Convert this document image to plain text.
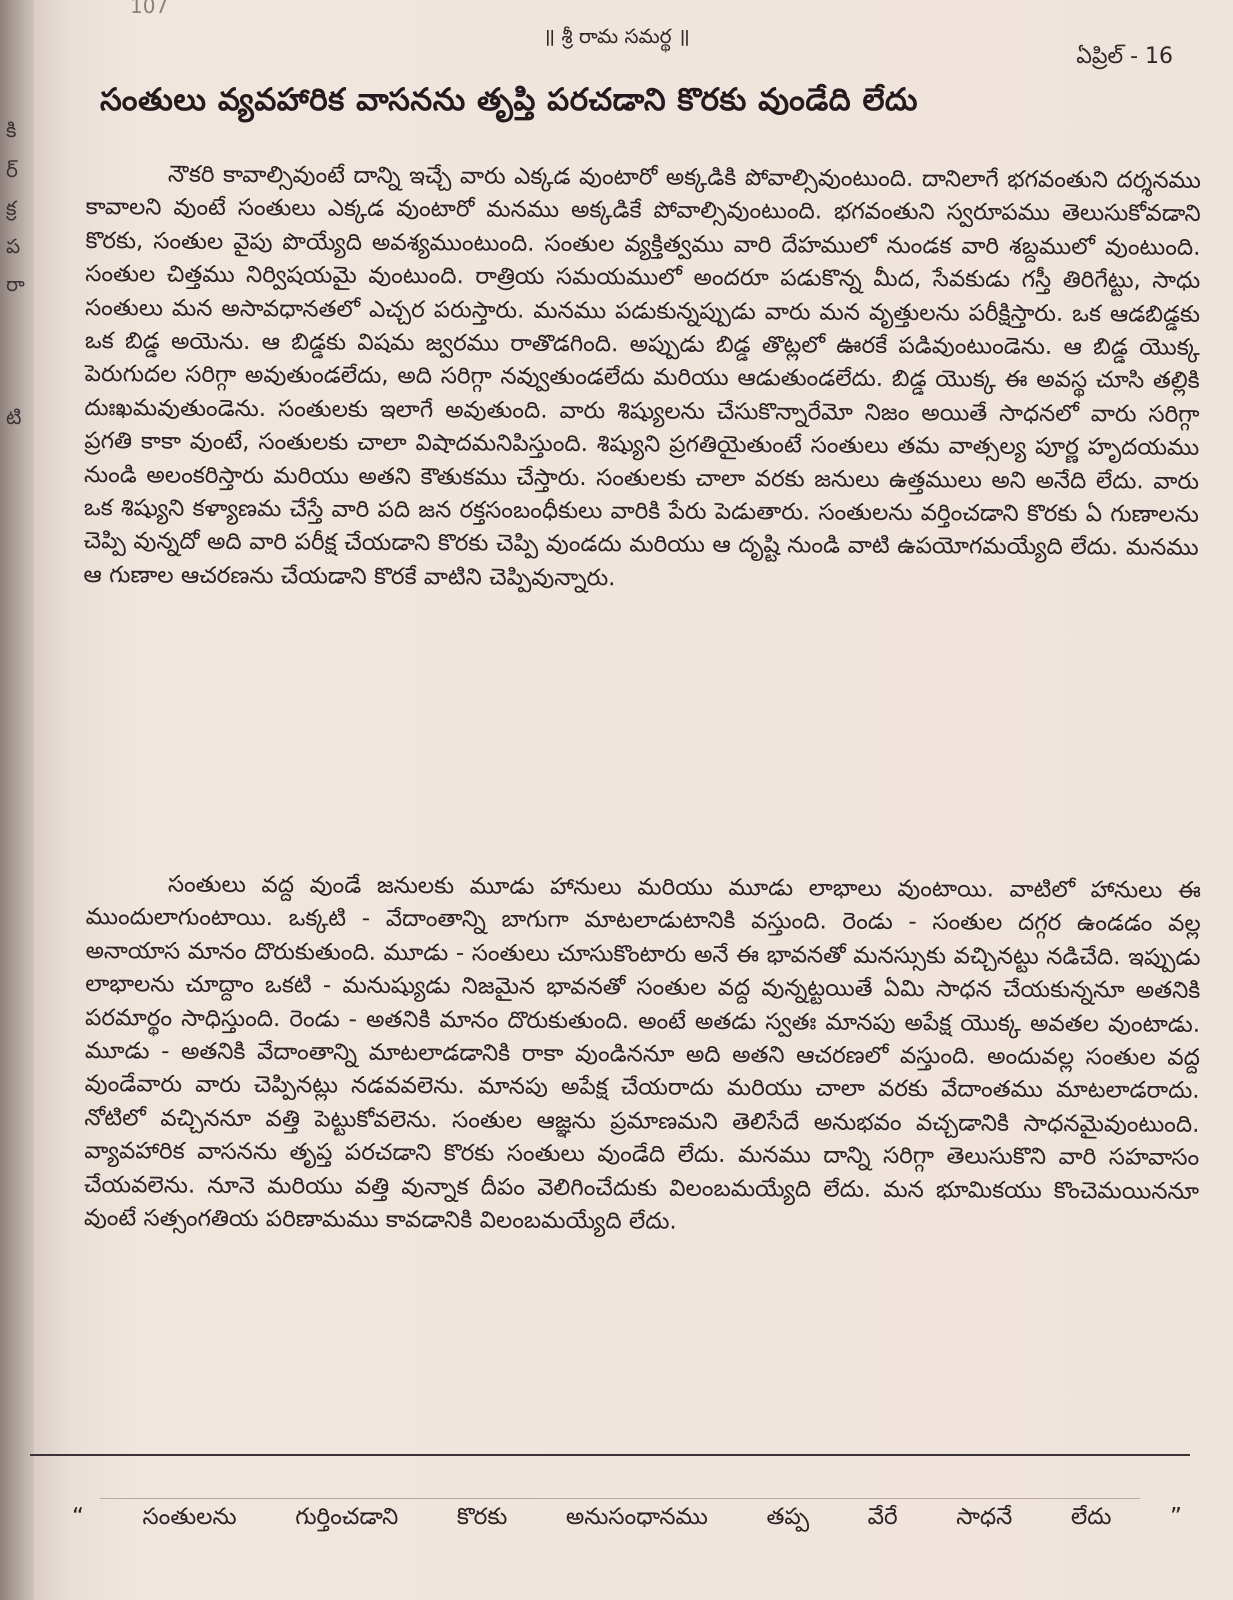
కి
ర్
క్ర
ప
రా
టి
107
॥ శ్రీ రామ సమర్థ ॥
ఏప్రిల్ - 16
సంతులు వ్యవహారిక వాసనను తృప్తి పరచడాని కొరకు వుండేది లేదు
నౌకరి కావాల్సివుంటే దాన్ని ఇచ్చే వారు ఎక్కడ వుంటారో అక్కడికి పోవాల్సివుంటుంది. దానిలాగే భగవంతుని దర్శనము కావాలని వుంటే సంతులు ఎక్కడ వుంటారో మనము అక్కడికే పోవాల్సివుంటుంది. భగవంతుని స్వరూపము తెలుసుకోవడాని కొరకు, సంతుల వైపు పొయ్యేది అవశ్యముంటుంది. సంతుల వ్యక్తిత్వము వారి దేహములో నుండక వారి శబ్దములో వుంటుంది. సంతుల చిత్తము నిర్విషయమై వుంటుంది. రాత్రియ సమయములో అందరూ పడుకొన్న మీద, సేవకుడు గస్తీ తిరిగేట్టు, సాధు సంతులు మన అసావధానతలో ఎచ్చర పరుస్తారు. మనము పడుకున్నప్పుడు వారు మన వృత్తులను పరీక్షిస్తారు. ఒక ఆడబిడ్డకు ఒక బిడ్డ అయెను. ఆ బిడ్డకు విషమ జ్వరము రాతొడగింది. అప్పుడు బిడ్డ తొట్లలో ఊరకే పడివుంటుండెను. ఆ బిడ్డ యొక్క పెరుగుదల సరిగ్గా అవుతుండలేదు, అది సరిగ్గా నవ్వుతుండలేదు మరియు ఆడుతుండలేదు. బిడ్డ యొక్క ఈ అవస్థ చూసి తల్లికి దుఃఖమవుతుండెను. సంతులకు ఇలాగే అవుతుంది. వారు శిష్యులను చేసుకొన్నారేమో నిజం అయితే సాధనలో వారు సరిగ్గా ప్రగతి కాకా వుంటే, సంతులకు చాలా విషాదమనిపిస్తుంది. శిష్యుని ప్రగతియైతుంటే సంతులు తమ వాత్సల్య పూర్ణ హృదయము నుండి అలంకరిస్తారు మరియు అతని కౌతుకము చేస్తారు. సంతులకు చాలా వరకు జనులు ఉత్తములు అని అనేది లేదు. వారు ఒక శిష్యుని కళ్యాణమ చేస్తే వారి పది జన రక్తసంబంధీకులు వారికి పేరు పెడుతారు. సంతులను వర్తించడాని కొరకు ఏ గుణాలను చెప్పి వున్నదో అది వారి పరీక్ష చేయడాని కొరకు చెప్పి వుండదు మరియు ఆ దృష్టి నుండి వాటి ఉపయోగమయ్యేది లేదు. మనము ఆ గుణాల ఆచరణను చేయడాని కొరకే వాటిని చెప్పివున్నారు.
సంతులు వద్ద వుండే జనులకు మూడు హానులు మరియు మూడు లాభాలు వుంటాయి. వాటిలో హానులు ఈ ముందులాగుంటాయి. ఒక్కటి - వేదాంతాన్ని బాగుగా మాటలాడుటానికి వస్తుంది. రెండు - సంతుల దగ్గర ఉండడం వల్ల అనాయాస మానం దొరుకుతుంది. మూడు - సంతులు చూసుకొంటారు అనే ఈ భావనతో మనస్సుకు వచ్చినట్టు నడిచేది. ఇప్పుడు లాభాలను చూద్దాం ఒకటి - మనుష్యుడు నిజమైన భావనతో సంతుల వద్ద వున్నట్టయితే ఏమి సాధన చేయకున్ననూ అతనికి పరమార్థం సాధిస్తుంది. రెండు - అతనికి మానం దొరుకుతుంది. అంటే అతడు స్వతః మానపు అపేక్ష యొక్క అవతల వుంటాడు. మూడు - అతనికి వేదాంతాన్ని మాటలాడడానికి రాకా వుండిననూ అది అతని ఆచరణలో వస్తుంది. అందువల్ల సంతుల వద్ద వుండేవారు వారు చెప్పినట్లు నడవవలెను. మానపు అపేక్ష చేయరాదు మరియు చాలా వరకు వేదాంతము మాటలాడరాదు. నోటిలో వచ్చిననూ వత్తి పెట్టుకోవలెను. సంతుల ఆజ్ఞను ప్రమాణమని తెలిసేదే అనుభవం వచ్చడానికి సాధనమైవుంటుంది. వ్యావహారిక వాసనను తృప్త పరచడాని కొరకు సంతులు వుండేది లేదు. మనము దాన్ని సరిగ్గా తెలుసుకొని వారి సహవాసం చేయవలెను. నూనె మరియు వత్తి వున్నాక దీపం వెలిగించేదుకు విలంబమయ్యేది లేదు. మన భూమికయు కొంచెమయిననూ వుంటే సత్సంగతియ పరిణామము కావడానికి విలంబమయ్యేది లేదు.
“	సంతులను	గుర్తించడాని	కొరకు	అనుసంధానము	తప్ప	వేరే	సాధనే	లేదు	”
